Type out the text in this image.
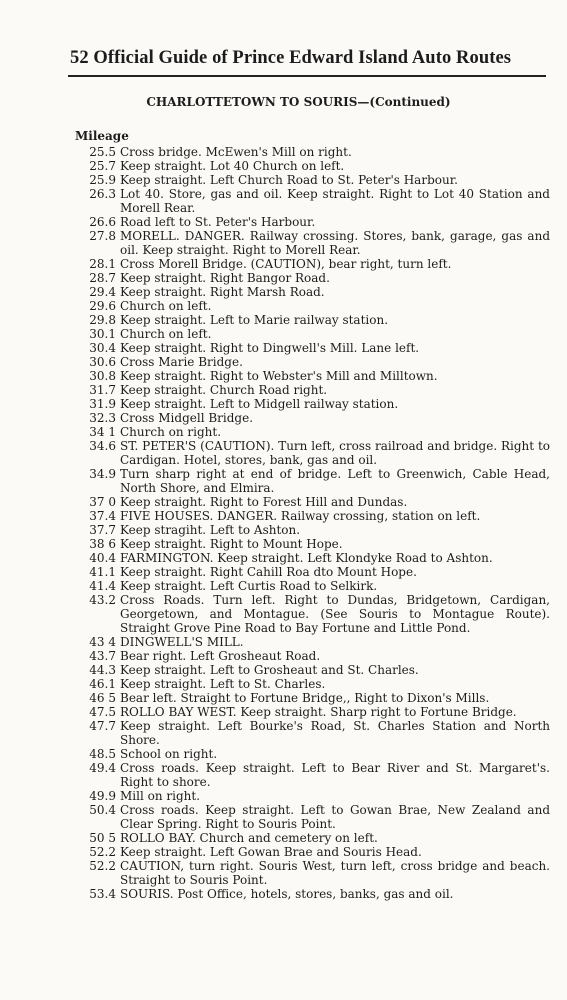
52 Official Guide of Prince Edward Island Auto Routes
CHARLOTTETOWN TO SOURIS—(Continued)
Mileage
25.5 Cross bridge. McEwen's Mill on right.
25.7 Keep straight. Lot 40 Church on left.
25.9 Keep straight. Left Church Road to St. Peter's Harbour.
26.3 Lot 40. Store, gas and oil. Keep straight. Right to Lot 40 Station and Morell Rear.
26.6 Road left to St. Peter's Harbour.
27.8 MORELL. DANGER. Railway crossing. Stores, bank, garage, gas and oil. Keep straight. Right to Morell Rear.
28.1 Cross Morell Bridge. (CAUTION), bear right, turn left.
28.7 Keep straight. Right Bangor Road.
29.4 Keep straight. Right Marsh Road.
29.6 Church on left.
29.8 Keep straight. Left to Marie railway station.
30.1 Church on left.
30.4 Keep straight. Right to Dingwell's Mill. Lane left.
30.6 Cross Marie Bridge.
30.8 Keep straight. Right to Webster's Mill and Milltown.
31.7 Keep straight. Church Road right.
31.9 Keep straight. Left to Midgell railway station.
32.3 Cross Midgell Bridge.
34 1 Church on right.
34.6 ST. PETER'S (CAUTION). Turn left, cross railroad and bridge. Right to Cardigan. Hotel, stores, bank, gas and oil.
34.9 Turn sharp right at end of bridge. Left to Greenwich, Cable Head, North Shore, and Elmira.
37 0 Keep straight. Right to Forest Hill and Dundas.
37.4 FIVE HOUSES. DANGER. Railway crossing, station on left.
37.7 Keep stragiht. Left to Ashton.
38 6 Keep straight. Right to Mount Hope.
40.4 FARMINGTON. Keep straight. Left Klondyke Road to Ashton.
41.1 Keep straight. Right Cahill Roa dto Mount Hope.
41.4 Keep straight. Left Curtis Road to Selkirk.
43.2 Cross Roads. Turn left. Right to Dundas, Bridgetown, Cardigan, Georgetown, and Montague. (See Souris to Montague Route). Straight Grove Pine Road to Bay Fortune and Little Pond.
43 4 DINGWELL'S MILL.
43.7 Bear right. Left Grosheaut Road.
44.3 Keep straight. Left to Grosheaut and St. Charles.
46.1 Keep straight. Left to St. Charles.
46 5 Bear left. Straight to Fortune Bridge,, Right to Dixon's Mills.
47.5 ROLLO BAY WEST. Keep straight. Sharp right to Fortune Bridge.
47.7 Keep straight. Left Bourke's Road, St. Charles Station and North Shore.
48.5 School on right.
49.4 Cross roads. Keep straight. Left to Bear River and St. Margaret's. Right to shore.
49.9 Mill on right.
50.4 Cross roads. Keep straight. Left to Gowan Brae, New Zealand and Clear Spring. Right to Souris Point.
50 5 ROLLO BAY. Church and cemetery on left.
52.2 Keep straight. Left Gowan Brae and Souris Head.
52.2 CAUTION, turn right. Souris West, turn left, cross bridge and beach. Straight to Souris Point.
53.4 SOURIS. Post Office, hotels, stores, banks, gas and oil.
